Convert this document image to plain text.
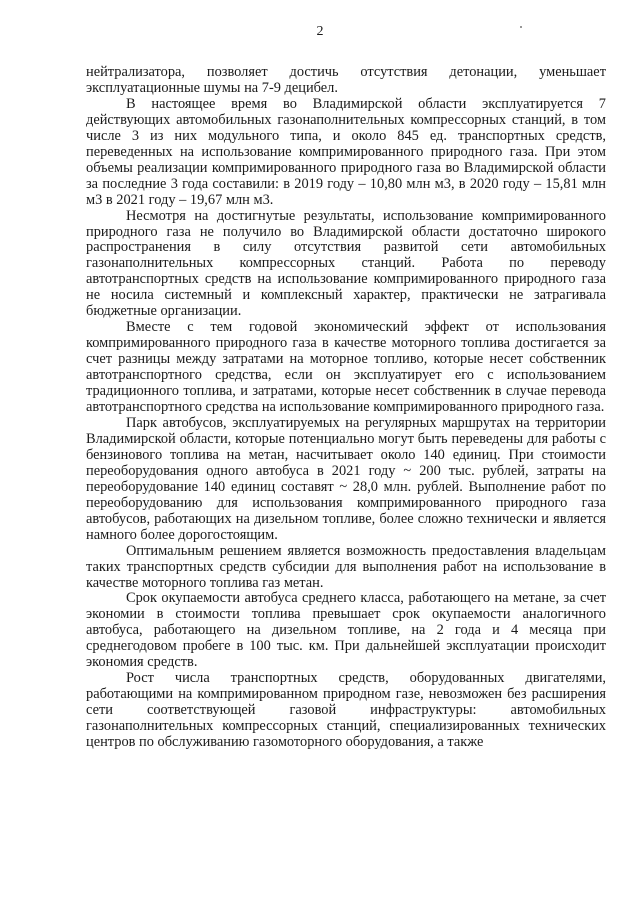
2

нейтрализатора, позволяет достичь отсутствия детонации, уменьшает эксплуатационные шумы на 7-9 децибел.

В настоящее время во Владимирской области эксплуатируется 7 действующих автомобильных газонаполнительных компрессорных станций, в том числе 3 из них модульного типа, и около 845 ед. транспортных средств, переведенных на использование компримированного природного газа. При этом объемы реализации компримированного природного газа во Владимирской области за последние 3 года составили: в 2019 году – 10,80 млн м3, в 2020 году – 15,81 млн м3 в 2021 году – 19,67 млн м3.

Несмотря на достигнутые результаты, использование компримированного природного газа не получило во Владимирской области достаточно широкого распространения в силу отсутствия развитой сети автомобильных газонаполнительных компрессорных станций. Работа по переводу автотранспортных средств на использование компримированного природного газа не носила системный и комплексный характер, практически не затрагивала бюджетные организации.

Вместе с тем годовой экономический эффект от использования компримированного природного газа в качестве моторного топлива достигается за счет разницы между затратами на моторное топливо, которые несет собственник автотранспортного средства, если он эксплуатирует его с использованием традиционного топлива, и затратами, которые несет собственник в случае перевода автотранспортного средства на использование компримированного природного газа.

Парк автобусов, эксплуатируемых на регулярных маршрутах на территории Владимирской области, которые потенциально могут быть переведены для работы с бензинового топлива на метан, насчитывает около 140 единиц. При стоимости переоборудования одного автобуса в 2021 году ~ 200 тыс. рублей, затраты на переоборудование 140 единиц составят ~ 28,0 млн. рублей. Выполнение работ по переоборудованию для использования компримированного природного газа автобусов, работающих на дизельном топливе, более сложно технически и является намного более дорогостоящим.

Оптимальным решением является возможность предоставления владельцам таких транспортных средств субсидии для выполнения работ на использование в качестве моторного топлива газ метан.

Срок окупаемости автобуса среднего класса, работающего на метане, за счет экономии в стоимости топлива превышает срок окупаемости аналогичного автобуса, работающего на дизельном топливе, на 2 года и 4 месяца при среднегодовом пробеге в 100 тыс. км. При дальнейшей эксплуатации происходит экономия средств.

Рост числа транспортных средств, оборудованных двигателями, работающими на компримированном природном газе, невозможен без расширения сети соответствующей газовой инфраструктуры: автомобильных газонаполнительных компрессорных станций, специализированных технических центров по обслуживанию газомоторного оборудования, а также
